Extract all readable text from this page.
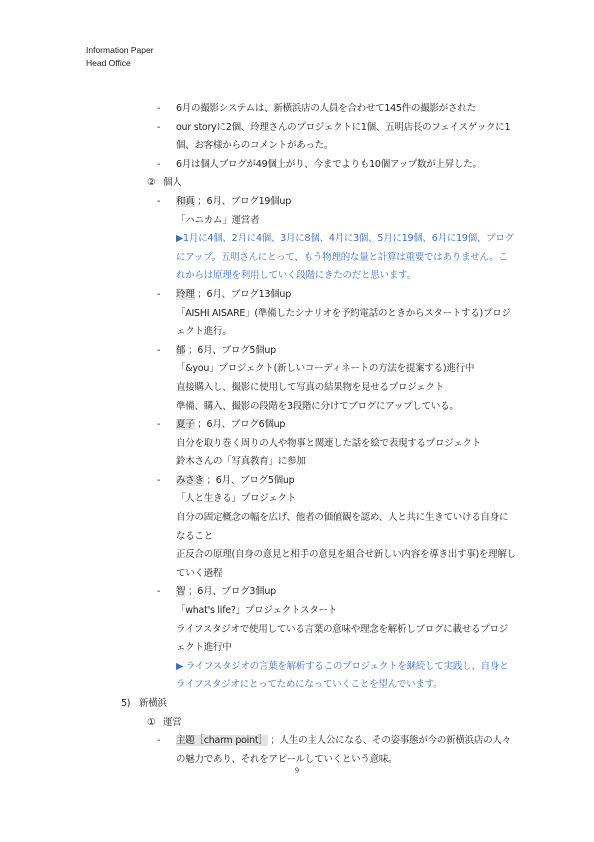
Information Paper
Head Office
- 6月の撮影システムは、新横浜店の人員を合わせて145件の撮影がされた
- our storyに2個、玲理さんのプロジェクトに1個、五明店長のフェイスゲックに1個、お客様からのコメントがあった。
- 6月は個人ブログが49個上がり、今までよりも10個アップ数が上昇した。
② 個人
- 和真 ；6月、ブログ19個up
「ハニカム」運営者
▶1月に4個、2月に4個、3月に8個、4月に3個、5月に19個、6月に19個、ブログにアップ。五明さんにとって、もう物理的な量と計算は重要ではありません。これからは原理を利用していく段階にきたのだと思います。
- 玲理 ；6月、ブログ13個up
「AISHI AISARE」(準備したシナリオを予約電話のときからスタートする)プロジェクト進行。
- 郁 ；6月、ブログ5個up
「&you」プロジェクト(新しいコーディネートの方法を提案する)進行中
直接購入し、撮影に使用して写真の結果物を見せるプロジェクト
準備、購入、撮影の段階を3段階に分けてブログにアップしている。
- 夏子 ；6月、ブログ6個up
自分を取り巻く周りの人や物事と関連した話を絵で表現するプロジェクト
鈴木さんの「写真教育」に参加
- みさき ；6月、ブログ5個up
「人と生きる」プロジェクト
自分の固定概念の幅を広げ、他者の価値観を認め、人と共に生きていける自身になること
正反合の原理(自身の意見と相手の意見を組合せ新しい内容を導き出す事)を理解していく過程
- 智 ；6月、ブログ3個up
「what's life?」プロジェクトスタート
ライフスタジオで使用している言葉の意味や理念を解析しブログに載せるプロジェクト進行中
▶ ライフスタジオの言葉を解析するこのプロジェクトを継続して実践し、自身とライフスタジオにとってためになっていくことを望んでいます。
5) 新横浜
① 運営
- 主題［charm point］ ；人生の主人公になる、その姿事態が今の新横浜店の人々の魅力であり、それをアピールしていくという意味。
9
